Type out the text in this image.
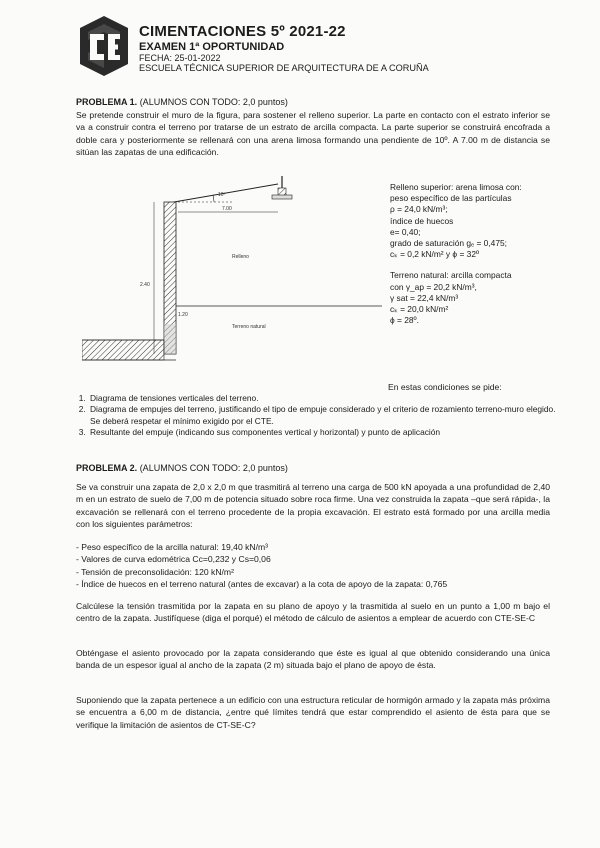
CIMENTACIONES 5º 2021-22
EXAMEN 1ª OPORTUNIDAD
FECHA: 25-01-2022
ESCUELA TÉCNICA SUPERIOR DE ARQUITECTURA DE A CORUÑA
PROBLEMA 1. (ALUMNOS CON TODO: 2,0 puntos)
Se pretende construir el muro de la figura, para sostener el relleno superior. La parte en contacto con el estrato inferior se va a construir contra el terreno por tratarse de un estrato de arcilla compacta. La parte superior se construirá encofrada a doble cara y posteriormente se rellenará con una arena limosa formando una pendiente de 10º. A 7.00 m de distancia se sitúan las zapatas de una edificación.
10º
7.00
2.40
1.20
Relleno
Terreno natural
Relleno superior: arena limosa con:
peso específico de las partículas
ρ = 24,0 kN/m³;
índice de huecos
e= 0,40;
grado de saturación gₑ = 0,475;
cₖ = 0,2 kN/m² y ϕ = 32º
Terreno natural: arcilla compacta
con γ_ap = 20,2 kN/m³,
γ sat = 22,4 kN/m³
cₖ = 20,0 kN/m²
ϕ = 28º.
En estas condiciones se pide:
1. Diagrama de tensiones verticales del terreno.
2. Diagrama de empujes del terreno, justificando el tipo de empuje considerado y el criterio de rozamiento terreno-muro elegido. Se deberá respetar el mínimo exigido por el CTE.
3. Resultante del empuje (indicando sus componentes vertical y horizontal) y punto de aplicación
PROBLEMA 2. (ALUMNOS CON TODO: 2,0 puntos)
Se va construir una zapata de 2,0 x 2,0 m que trasmitirá al terreno una carga de 500 kN apoyada a una profundidad de 2,40 m en un estrato de suelo de 7,00 m de potencia situado sobre roca firme. Una vez construida la zapata –que será rápida-, la excavación se rellenará con el terreno procedente de la propia excavación. El estrato está formado por una arcilla media con los siguientes parámetros:
- Peso específico de la arcilla natural: 19,40 kN/m³
- Valores de curva edométrica Cc=0,232 y Cs=0,06
- Tensión de preconsolidación: 120 kN/m²
- Índice de huecos en el terreno natural (antes de excavar) a la cota de apoyo de la zapata: 0,765
Calcúlese la tensión trasmitida por la zapata en su plano de apoyo y la trasmitida al suelo en un punto a 1,00 m bajo el centro de la zapata. Justifíquese (diga el porqué) el método de cálculo de asientos a emplear de acuerdo con CTE-SE-C
Obténgase el asiento provocado por la zapata considerando que éste es igual al que obtenido considerando una única banda de un espesor igual al ancho de la zapata (2 m) situada bajo el plano de apoyo de ésta.
Suponiendo que la zapata pertenece a un edificio con una estructura reticular de hormigón armado y la zapata más próxima se encuentra a 6,00 m de distancia, ¿entre qué límites tendrá que estar comprendido el asiento de ésta para que se verifique la limitación de asientos de CT-SE-C?
